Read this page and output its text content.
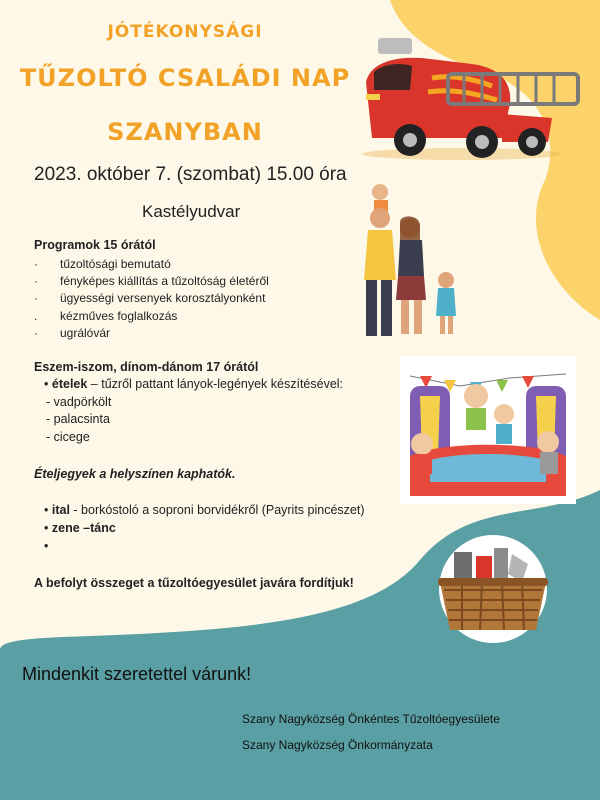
JÓTÉKONYSÁGI
TŰZOLTÓ CSALÁDI NAP
SZANYBAN
2023. október 7. (szombat) 15.00 óra
Kastélyudvar
Programok 15 órától
· tűzoltósági bemutató
· fényképes kiállítás a tűzoltóság életéről
· ügyességi versenyek korosztályonként
. kézműves foglalkozás
· ugrálóvár
Eszem-iszom, dínom-dánom 17 órától
• ételek – tűzről pattant lányok-legények készítésével:
- vadpörkölt
- palacsinta
- cicege
Ételjegyek a helyszínen kaphatók.
• ital - borkóstoló a soproni borvidékről (Payrits pincészet)
• zene –tánc
•
A befolyt összeget a tűzoltóegyesület javára fordítjuk!
Mindenkit szeretettel várunk!
Szany Nagyközség Önkéntes Tűzoltóegyesülete
Szany Nagyközség Önkormányzata
